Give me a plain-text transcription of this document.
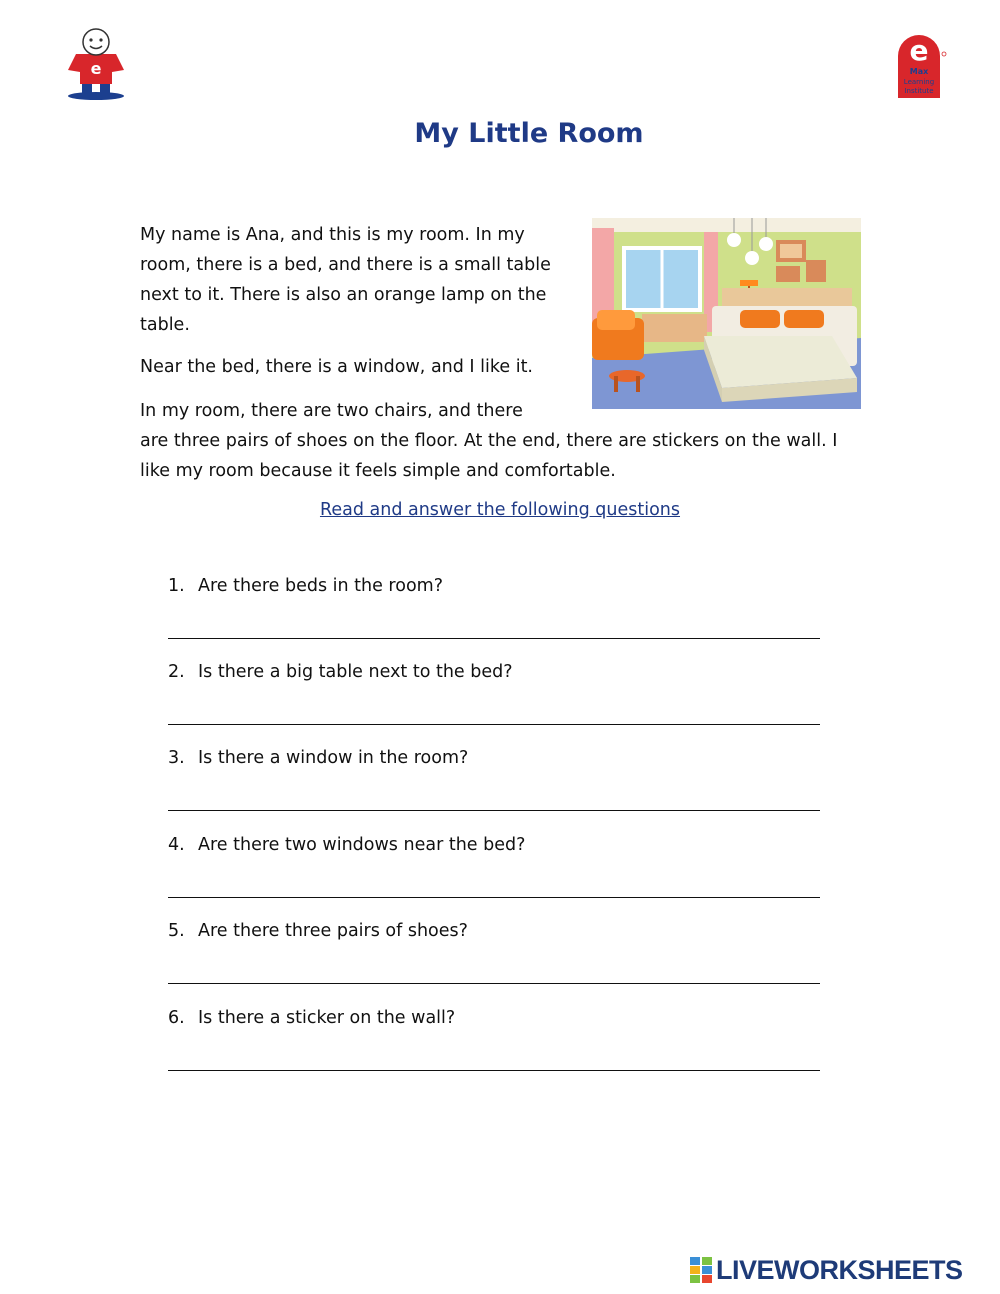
e
e
Max
Learning
Institute
My Little Room
My name is Ana, and this is my room. In my room, there is a bed, and there is a small table next to it. There is also an orange lamp on the table.
Near the bed, there is a window, and I like it.
In my room, there are two chairs, and there
are three pairs of shoes on the floor. At the end, there are stickers on the wall. I like my room because it feels simple and comfortable.
Read and answer the following questions
1. Are there beds in the room?
2. Is there a big table next to the bed?
3. Is there a window in the room?
4. Are there two windows near the bed?
5. Are there three pairs of shoes?
6. Is there a sticker on the wall?
LIVEWORKSHEETS
